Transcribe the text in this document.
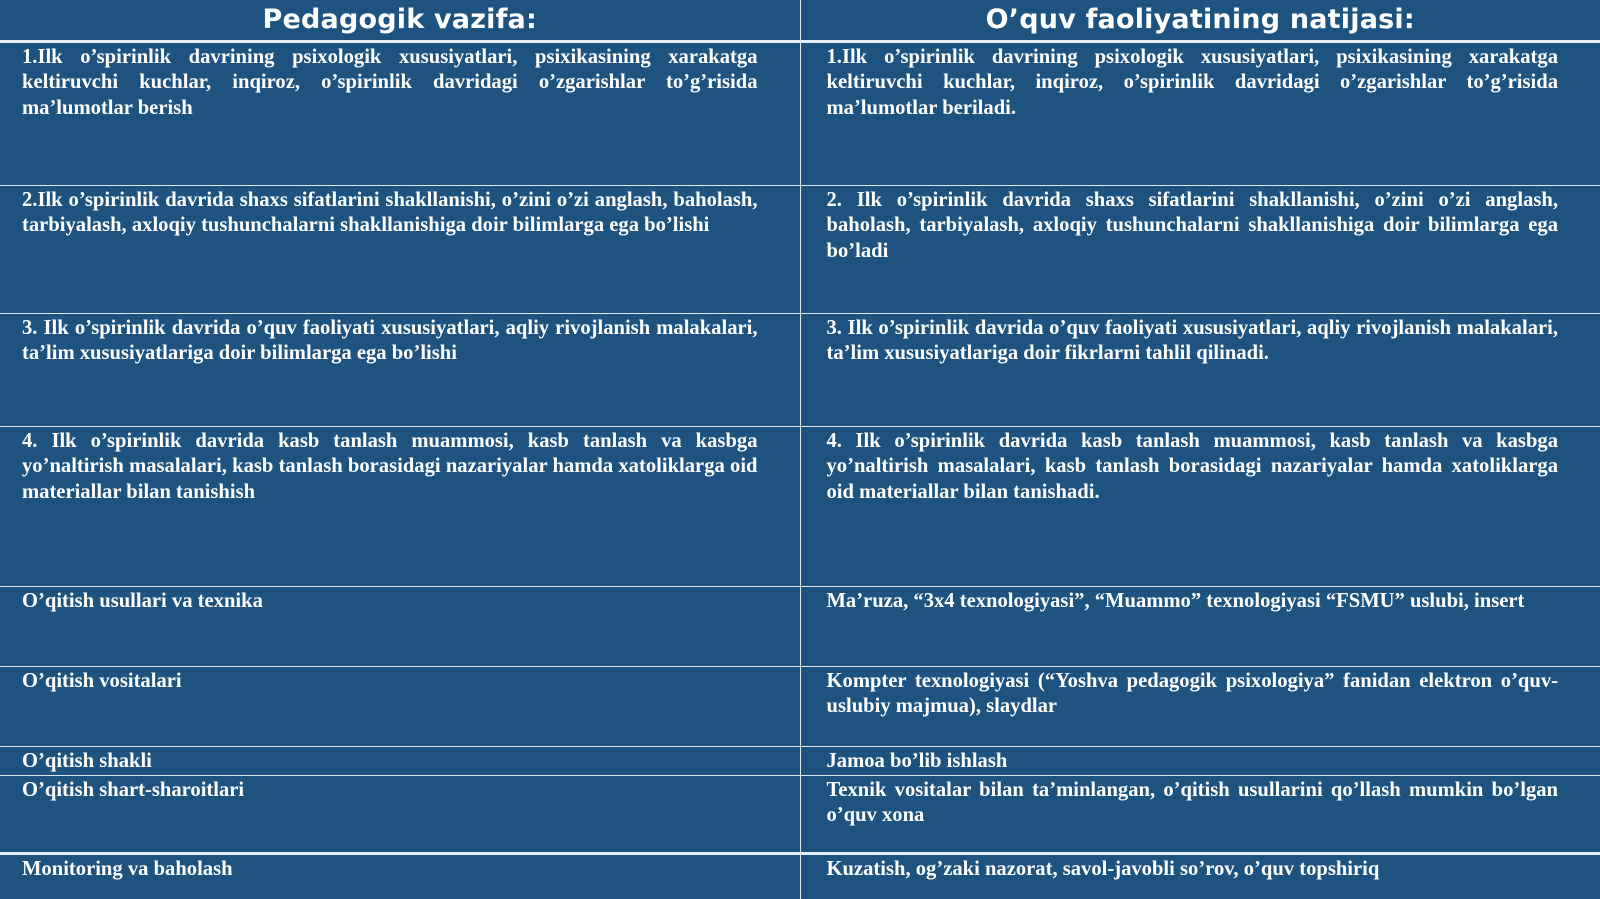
Pedagogik vazifa:	O’quv faoliyatining natijasi:
1.Ilk o’spirinlik davrining psixologik xususiyatlari, psixikasining xarakatga keltiruvchi kuchlar, inqiroz, o’spirinlik davridagi o’zgarishlar to’g’risida ma’lumotlar berish	1.Ilk o’spirinlik davrining psixologik xususiyatlari, psixikasining xarakatga keltiruvchi kuchlar, inqiroz, o’spirinlik davridagi o’zgarishlar to’g’risida ma’lumotlar beriladi.
2.Ilk o’spirinlik davrida shaxs sifatlarini shakllanishi, o’zini o’zi anglash, baholash, tarbiyalash, axloqiy tushunchalarni shakllanishiga doir bilimlarga ega bo’lishi	2. Ilk o’spirinlik davrida shaxs sifatlarini shakllanishi, o’zini o’zi anglash, baholash, tarbiyalash, axloqiy tushunchalarni shakllanishiga doir bilimlarga ega bo’ladi
3. Ilk o’spirinlik davrida o’quv faoliyati xususiyatlari, aqliy rivojlanish malakalari, ta’lim xususiyatlariga doir bilimlarga ega bo’lishi	3. Ilk o’spirinlik davrida o’quv faoliyati xususiyatlari, aqliy rivojlanish malakalari, ta’lim xususiyatlariga doir fikrlarni tahlil qilinadi.
4. Ilk o’spirinlik davrida kasb tanlash muammosi, kasb tanlash va kasbga yo’naltirish masalalari, kasb tanlash borasidagi nazariyalar hamda xatoliklarga oid materiallar bilan tanishish	4. Ilk o’spirinlik davrida kasb tanlash muammosi, kasb tanlash va kasbga yo’naltirish masalalari, kasb tanlash borasidagi nazariyalar hamda xatoliklarga oid materiallar bilan tanishadi.
O’qitish usullari va texnika	Ma’ruza, “3x4 texnologiyasi”, “Muammo” texnologiyasi “FSMU” uslubi, insert
O’qitish vositalari	Kompter texnologiyasi (“Yoshva pedagogik psixologiya” fanidan elektron o’quv-uslubiy majmua), slaydlar
O’qitish shakli	Jamoa bo’lib ishlash
O’qitish shart-sharoitlari	Texnik vositalar bilan ta’minlangan, o’qitish usullarini qo’llash mumkin bo’lgan o’quv xona
Monitoring va baholash	Kuzatish, og’zaki nazorat, savol-javobli so’rov, o’quv topshiriq
